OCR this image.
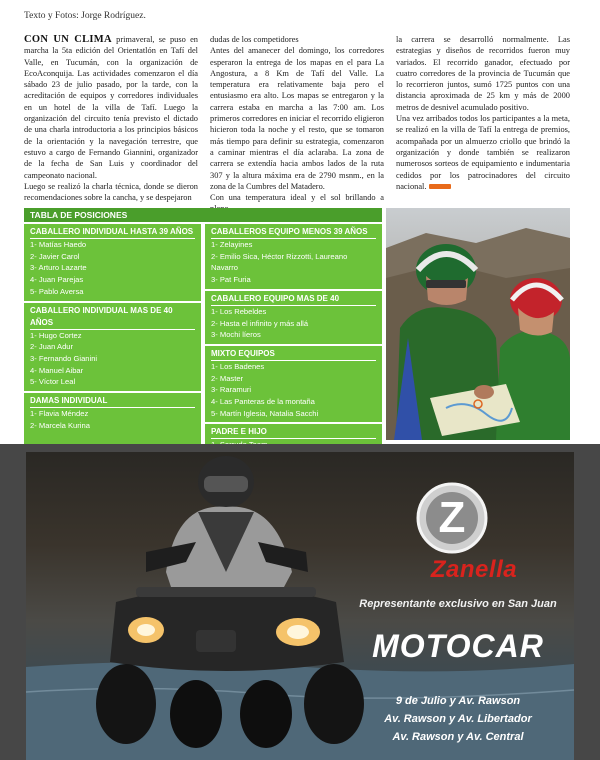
Texto y Fotos: Jorge Rodríguez.

CON UN CLIMA primaveral, se puso en marcha la 5ta edición del Orientatlón en Tafí del Valle, en Tucumán, con la organización de EcoAconquija. Las actividades comenzaron el día sábado 23 de julio pasado, por la tarde, con la acreditación de equipos y corredores individuales en un hotel de la villa de Tafí. Luego la organización del circuito tenía previsto el dictado de una charla introductoria a los principios básicos de la orientación y la navegación terrestre, que estuvo a cargo de Fernando Giannini, organizador de la fecha de San Luis y coordinador del campeonato nacional.

Luego se realizó la charla técnica, donde se dieron recomendaciones sobre la cancha, y se despejaron

dudas de los competidores

Antes del amanecer del domingo, los corredores esperaron la entrega de los mapas en el para La Angostura, a 8 Km de Tafí del Valle. La temperatura era relativamente baja pero el entusiasmo era alto. Los mapas se entregaron y la carrera estaba en marcha a las 7:00 am. Los primeros corredores en iniciar el recorrido eligieron hicieron toda la noche y el resto, que se tomaron más tiempo para definir su estrategia, comenzaron a caminar mientras el día aclaraba. La zona de carrera se extendía hacia ambos lados de la ruta 307 y la altura máxima era de 2790 msnm., en la zona de la Cumbres del Matadero.

Con una temperatura ideal y el sol brillando a

la carrera se desarrolló normalmente. Las estrategias y diseños de recorridos fueron muy variados. El recorrido ganador, efectuado por cuatro corredores de la provincia de Tucumán que lo recorrieron juntos, sumó 1725 puntos con una distancia aproximada de 25 km y más de 2000 metros de desnivel acumulado positivo.

Una vez arribados todos los participantes a la meta, se realizó en la villa de Tafí la entrega de premios, acompañada por un almuerzo criollo que brindó la organización y donde también se realizaron numerosos sorteos de equipamiento e indumentaria cedidos por los patrocinadores del circuito nacional.

TABLA DE POSICIONES
CABALLERO INDIVIDUAL HASTA 39 AÑOS
1- Matías Haedo
2- Javier Carol
3- Arturo Lazarte
4- Juan Parejas
5- Pablo Aversa
CABALLERO INDIVIDUAL MAS DE 40 AÑOS
1- Hugo Cortez
2- Juan Adur
3- Fernando Gianini
4- Manuel Aibar
5- Víctor Leal
DAMAS INDIVIDUAL
1- Flavia Méndez
2- Marcela Kurina
CABALLEROS EQUIPO MENOS 39 AÑOS
1- Zelayines
2- Emilio Sica, Héctor Rizzotti, Laureano Navarro
3- Pat Furia
CABALLERO EQUIPO MAS DE 40
1- Los Rebeldes
2- Hasta el infinito y más allá
3- Mochi líeros
MIXTO EQUIPOS
1- Los Badenes
2- Master
3- Raramuri
4- Las Panteras de la montaña
5- Martín Iglesia, Natalia Sacchi
PADRE E HIJO
Z
Zanella
Representante exclusivo en San Juan
MOTOCAR
9 de Julio y Av. Rawson
Av. Rawson y Av. Libertador
Av. Rawson y Av. Central
